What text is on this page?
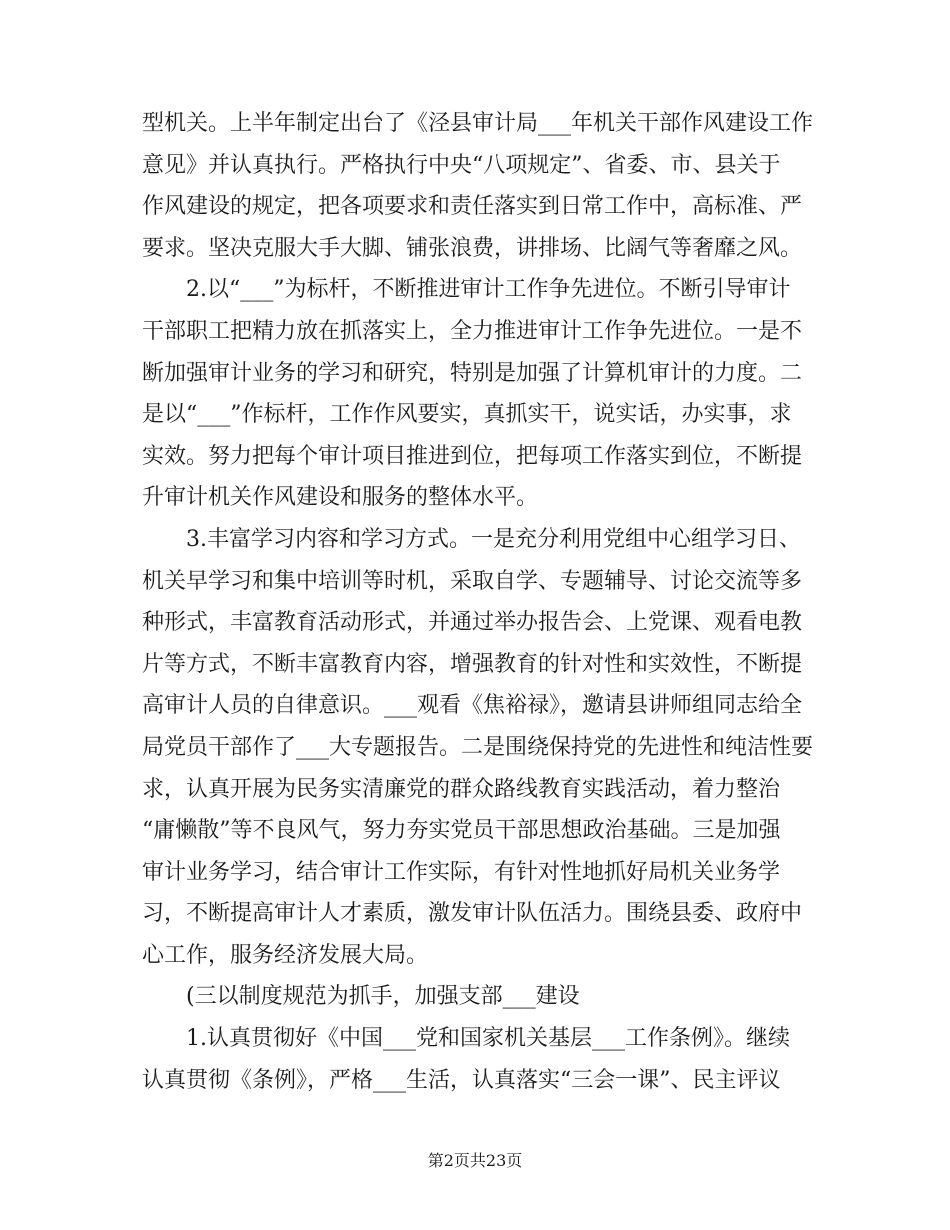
型机关。上半年制定出台了《泾县审计局___年机关干部作风建设工作
意见》并认真执行。严格执行中央“八项规定”、省委、市、县关于
作风建设的规定，把各项要求和责任落实到日常工作中，高标准、严
要求。坚决克服大手大脚、铺张浪费，讲排场、比阔气等奢靡之风。
2.以“___”为标杆，不断推进审计工作争先进位。不断引导审计
干部职工把精力放在抓落实上，全力推进审计工作争先进位。一是不
断加强审计业务的学习和研究，特别是加强了计算机审计的力度。二
是以“___”作标杆，工作作风要实，真抓实干，说实话，办实事，求
实效。努力把每个审计项目推进到位，把每项工作落实到位，不断提
升审计机关作风建设和服务的整体水平。
3.丰富学习内容和学习方式。一是充分利用党组中心组学习日、
机关早学习和集中培训等时机，采取自学、专题辅导、讨论交流等多
种形式，丰富教育活动形式，并通过举办报告会、上党课、观看电教
片等方式，不断丰富教育内容，增强教育的针对性和实效性，不断提
高审计人员的自律意识。___观看《焦裕禄》，邀请县讲师组同志给全
局党员干部作了___大专题报告。二是围绕保持党的先进性和纯洁性要
求，认真开展为民务实清廉党的群众路线教育实践活动，着力整治
“庸懒散”等不良风气，努力夯实党员干部思想政治基础。三是加强
审计业务学习，结合审计工作实际，有针对性地抓好局机关业务学
习，不断提高审计人才素质，激发审计队伍活力。围绕县委、政府中
心工作，服务经济发展大局。
(三以制度规范为抓手，加强支部___建设
1.认真贯彻好《中国___党和国家机关基层___工作条例》。继续
认真贯彻《条例》，严格___生活，认真落实“三会一课”、民主评议
第2页共23页
